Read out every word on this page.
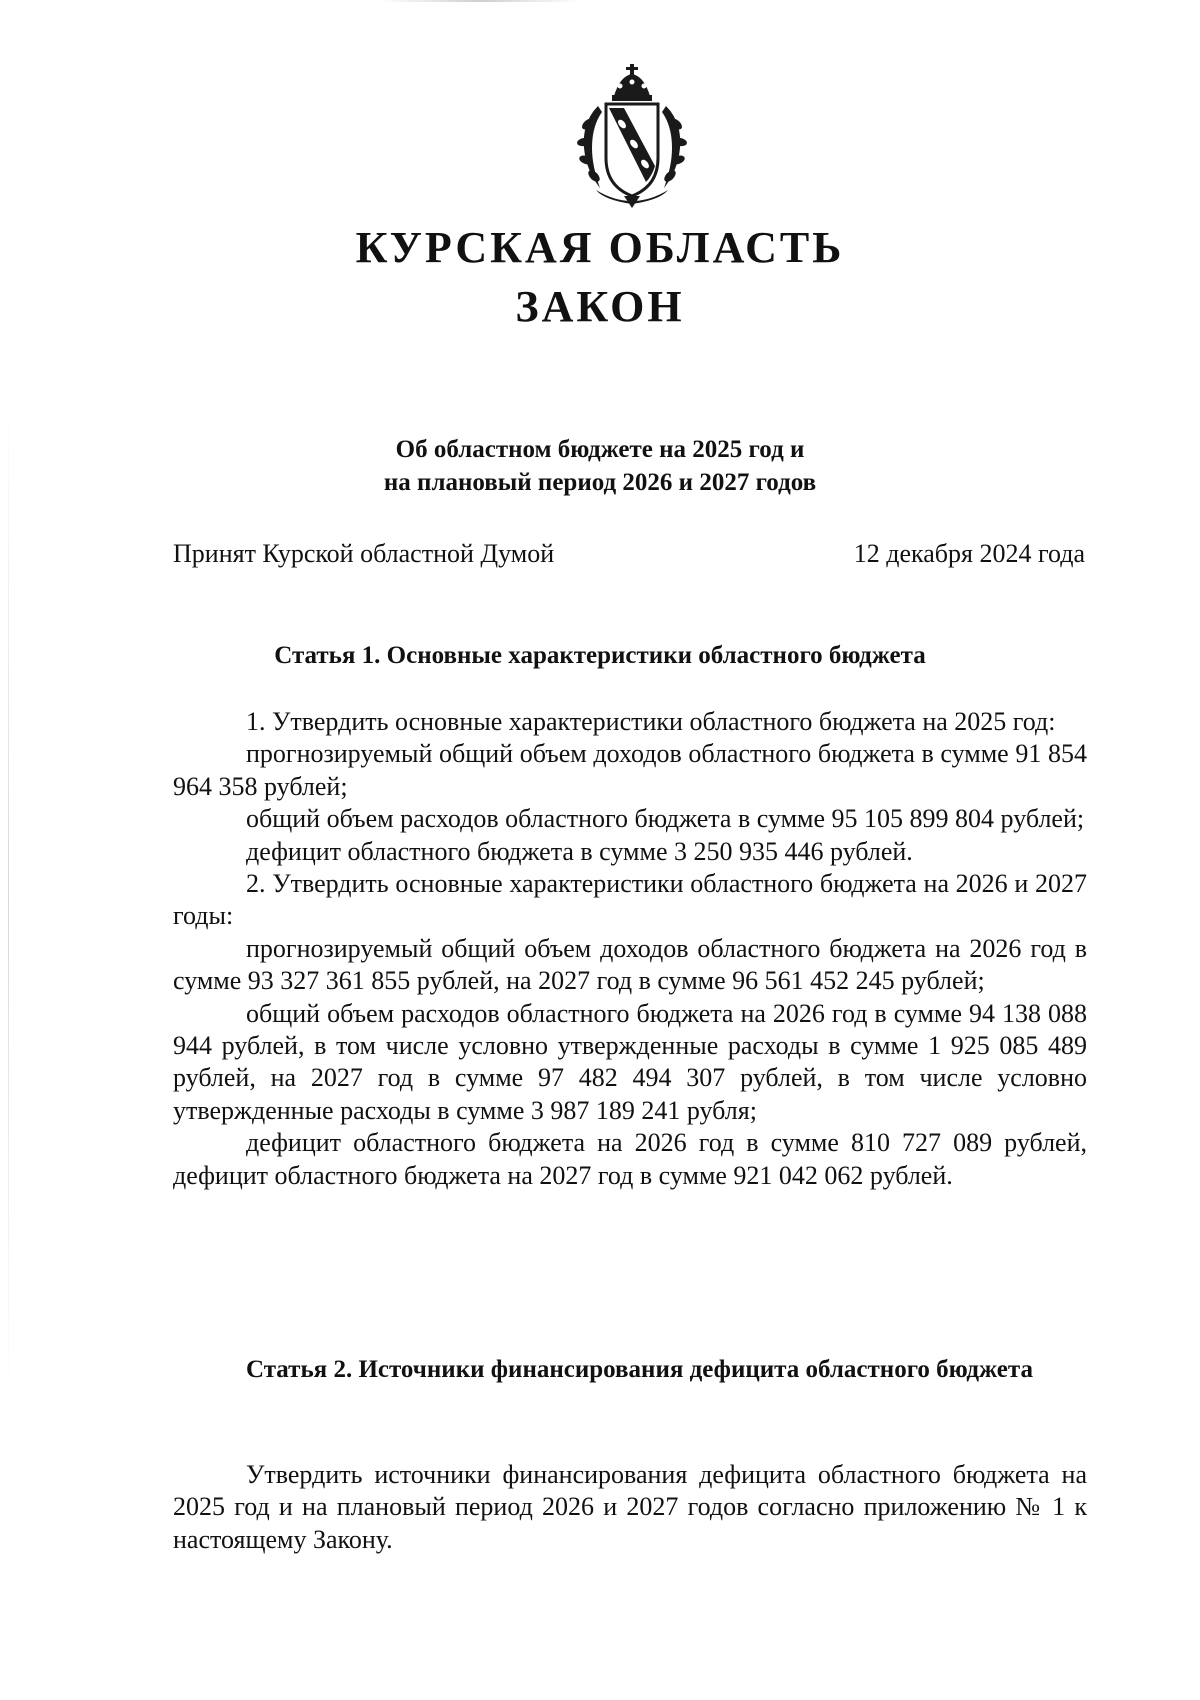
КУРСКАЯ ОБЛАСТЬ
ЗАКОН
Об областном бюджете на 2025 год и
на плановый период 2026 и 2027 годов
Принят Курской областной Думой	12 декабря 2024 года
Статья 1. Основные характеристики областного бюджета

1. Утвердить основные характеристики областного бюджета на 2025 год:

прогнозируемый общий объем доходов областного бюджета в сумме 91 854 964 358 рублей;

общий объем расходов областного бюджета в сумме 95 105 899 804 рублей;

дефицит областного бюджета в сумме 3 250 935 446 рублей.

2. Утвердить основные характеристики областного бюджета на 2026 и 2027 годы:

прогнозируемый общий объем доходов областного бюджета на 2026 год в сумме 93 327 361 855 рублей, на 2027 год в сумме 96 561 452 245 рублей;

общий объем расходов областного бюджета на 2026 год в сумме 94 138 088 944 рублей, в том числе условно утвержденные расходы в сумме 1 925 085 489 рублей, на 2027 год в сумме 97 482 494 307 рублей, в том числе условно утвержденные расходы в сумме 3 987 189 241 рубля;

дефицит областного бюджета на 2026 год в сумме 810 727 089 рублей, дефицит областного бюджета на 2027 год в сумме 921 042 062 рублей.

Статья 2. Источники финансирования дефицита областного бюджета

Утвердить источники финансирования дефицита областного бюджета на 2025 год и на плановый период 2026 и 2027 годов согласно приложению № 1 к настоящему Закону.
